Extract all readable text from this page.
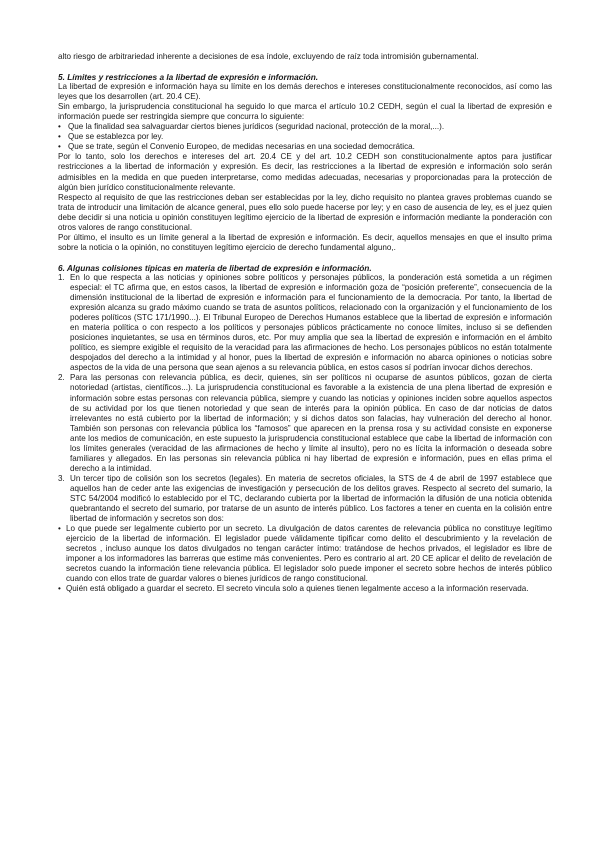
alto riesgo de arbitrariedad inherente a decisiones de esa índole, excluyendo de raíz toda intromisión gubernamental.

5. Límites y restricciones a la libertad de expresión e información.

La libertad de expresión e información haya su límite en los demás derechos e intereses constitucionalmente reconocidos, así como las leyes que los desarrollen (art. 20.4 CE).

Sin embargo, la jurisprudencia constitucional ha seguido lo que marca el artículo 10.2 CEDH, según el cual la libertad de expresión e información puede ser restringida siempre que concurra lo siguiente:

• Que la finalidad sea salvaguardar ciertos bienes jurídicos (seguridad nacional, protección de la moral,...).
• Que se establezca por ley.
• Que se trate, según el Convenio Europeo, de medidas necesarias en una sociedad democrática.

Por lo tanto, solo los derechos e intereses del art. 20.4 CE y del art. 10.2 CEDH son constitucionalmente aptos para justificar restricciones a la libertad de información y expresión. Es decir, las restricciones a la libertad de expresión e información solo serán admisibles en la medida en que pueden interpretarse, como medidas adecuadas, necesarias y proporcionadas para la protección de algún bien jurídico constitucionalmente relevante.

Respecto al requisito de que las restricciones deban ser establecidas por la ley, dicho requisito no plantea graves problemas cuando se trata de introducir una limitación de alcance general, pues ello solo puede hacerse por ley; y en caso de ausencia de ley, es el juez quien debe decidir si una noticia u opinión constituyen legítimo ejercicio de la libertad de expresión e información mediante la ponderación con otros valores de rango constitucional.

Por último, el insulto es un límite general a la libertad de expresión e información. Es decir, aquellos mensajes en que el insulto prima sobre la noticia o la opinión, no constituyen legítimo ejercicio de derecho fundamental alguno,.

6. Algunas colisiones típicas en materia de libertad de expresión e información.
1. En lo que respecta a las noticias y opiniones sobre políticos y personajes públicos, la ponderación está sometida a un régimen especial: el TC afirma que, en estos casos, la libertad de expresión e información goza de “posición preferente”, consecuencia de la dimensión institucional de la libertad de expresión e información para el funcionamiento de la democracia. Por tanto, la libertad de expresión alcanza su grado máximo cuando se trata de asuntos políticos, relacionado con la organización y el funcionamiento de los poderes políticos (STC 171/1990...). El Tribunal Europeo de Derechos Humanos establece que la libertad de expresión e información en materia política o con respecto a los políticos y personajes públicos prácticamente no conoce límites, incluso si se defienden posiciones inquietantes, se usa en términos duros, etc. Por muy amplia que sea la libertad de expresión e información en el ámbito político, es siempre exigible el requisito de la veracidad para las afirmaciones de hecho. Los personajes públicos no están totalmente despojados del derecho a la intimidad y al honor, pues la libertad de expresión e información no abarca opiniones o noticias sobre aspectos de la vida de una persona que sean ajenos a su relevancia pública, en estos casos sí podrían invocar dichos derechos.
2. Para las personas con relevancia pública, es decir, quienes, sin ser políticos ni ocuparse de asuntos públicos, gozan de cierta notoriedad (artistas, científicos...). La jurisprudencia constitucional es favorable a la existencia de una plena libertad de expresión e información sobre estas personas con relevancia pública, siempre y cuando las noticias y opiniones inciden sobre aquellos aspectos de su actividad por los que tienen notoriedad y que sean de interés para la opinión pública. En caso de dar noticias de datos irrelevantes no está cubierto por la libertad de información; y si dichos datos son falacias, hay vulneración del derecho al honor. También son personas con relevancia pública los “famosos” que aparecen en la prensa rosa y su actividad consiste en exponerse ante los medios de comunicación, en este supuesto la jurisprudencia constitucional establece que cabe la libertad de información con los límites generales (veracidad de las afirmaciones de hecho y límite al insulto), pero no es lícita la información o deseada sobre familiares y allegados. En las personas sin relevancia pública ni hay libertad de expresión e información, pues en ellas prima el derecho a la intimidad.
3. Un tercer tipo de colisión son los secretos (legales). En materia de secretos oficiales, la STS de 4 de abril de 1997 establece que aquellos han de ceder ante las exigencias de investigación y persecución de los delitos graves. Respecto al secreto del sumario, la STC 54/2004 modificó lo establecido por el TC, declarando cubierta por la libertad de información la difusión de una noticia obtenida quebrantando el secreto del sumario, por tratarse de un asunto de interés público. Los factores a tener en cuenta en la colisión entre libertad de información y secretos son dos:
• Lo que puede ser legalmente cubierto por un secreto. La divulgación de datos carentes de relevancia pública no constituye legítimo ejercicio de la libertad de información. El legislador puede válidamente tipificar como delito el descubrimiento y la revelación de secretos , incluso aunque los datos divulgados no tengan carácter íntimo: tratándose de hechos privados, el legislador es libre de imponer a los informadores las barreras que estime más convenientes. Pero es contrario al art. 20 CE aplicar el delito de revelación de secretos cuando la información tiene relevancia pública. El legislador solo puede imponer el secreto sobre hechos de interés público cuando con ellos trate de guardar valores o bienes jurídicos de rango constitucional.
• Quién está obligado a guardar el secreto. El secreto vincula solo a quienes tienen legalmente acceso a la información reservada.
